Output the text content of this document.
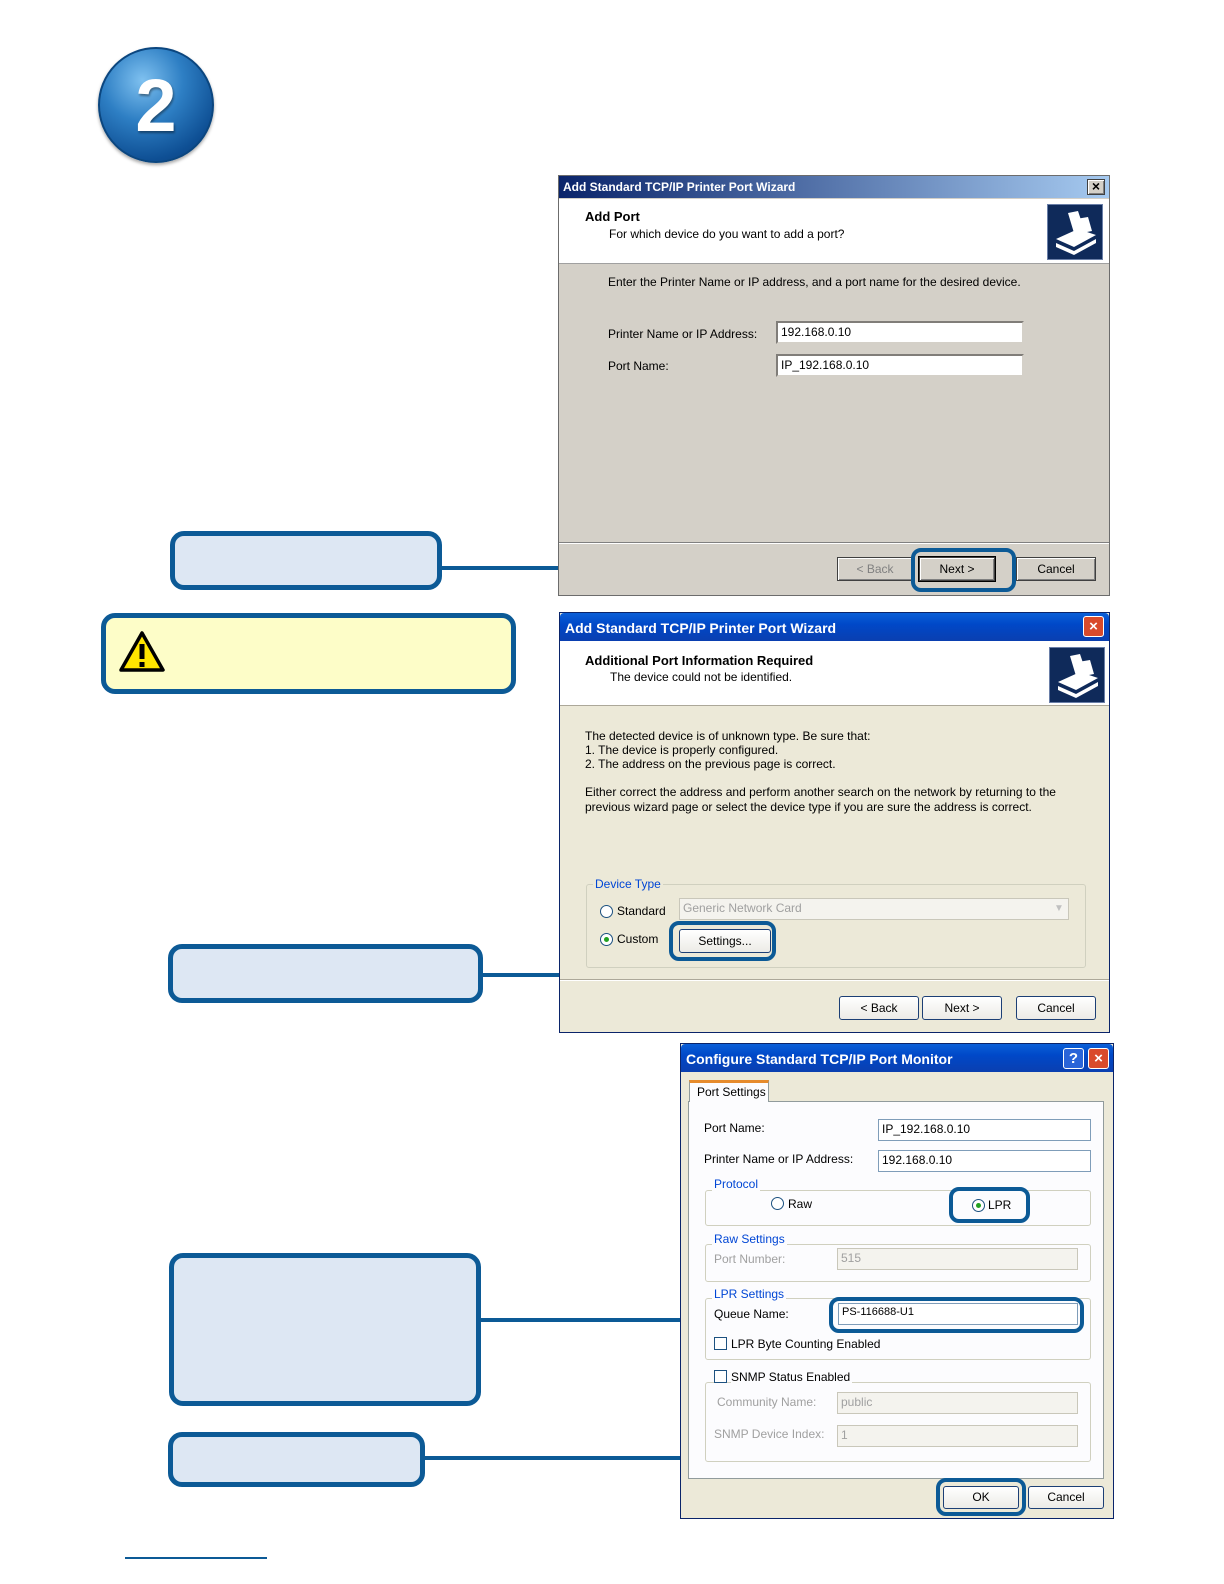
2
Add Standard TCP/IP Printer Port Wizard	×
Add Port
For which device do you want to add a port?
Enter the Printer Name or IP address, and a port name for the desired device.
Printer Name or IP Address:	192.168.0.10
Port Name:	IP_192.168.0.10
< Back	Next >	Cancel
Add Standard TCP/IP Printer Port Wizard	×
Additional Port Information Required
The device could not be identified.
The detected device is of unknown type. Be sure that:
1. The device is properly configured.
2. The address on the previous page is correct.
Either correct the address and perform another search on the network by returning to the
previous wizard page or select the device type if you are sure the address is correct.
Device Type
Standard	Generic Network Card	▼
Custom	Settings...
< Back	Next >	Cancel
Configure Standard TCP/IP Port Monitor	?	×
Port Settings
Port Name:	IP_192.168.0.10
Printer Name or IP Address:	192.168.0.10
Protocol
Raw	LPR
Raw Settings
Port Number:	515
LPR Settings
Queue Name:	PS-116688-U1
LPR Byte Counting Enabled
SNMP Status Enabled
Community Name:	public
SNMP Device Index:	1
OK	Cancel
